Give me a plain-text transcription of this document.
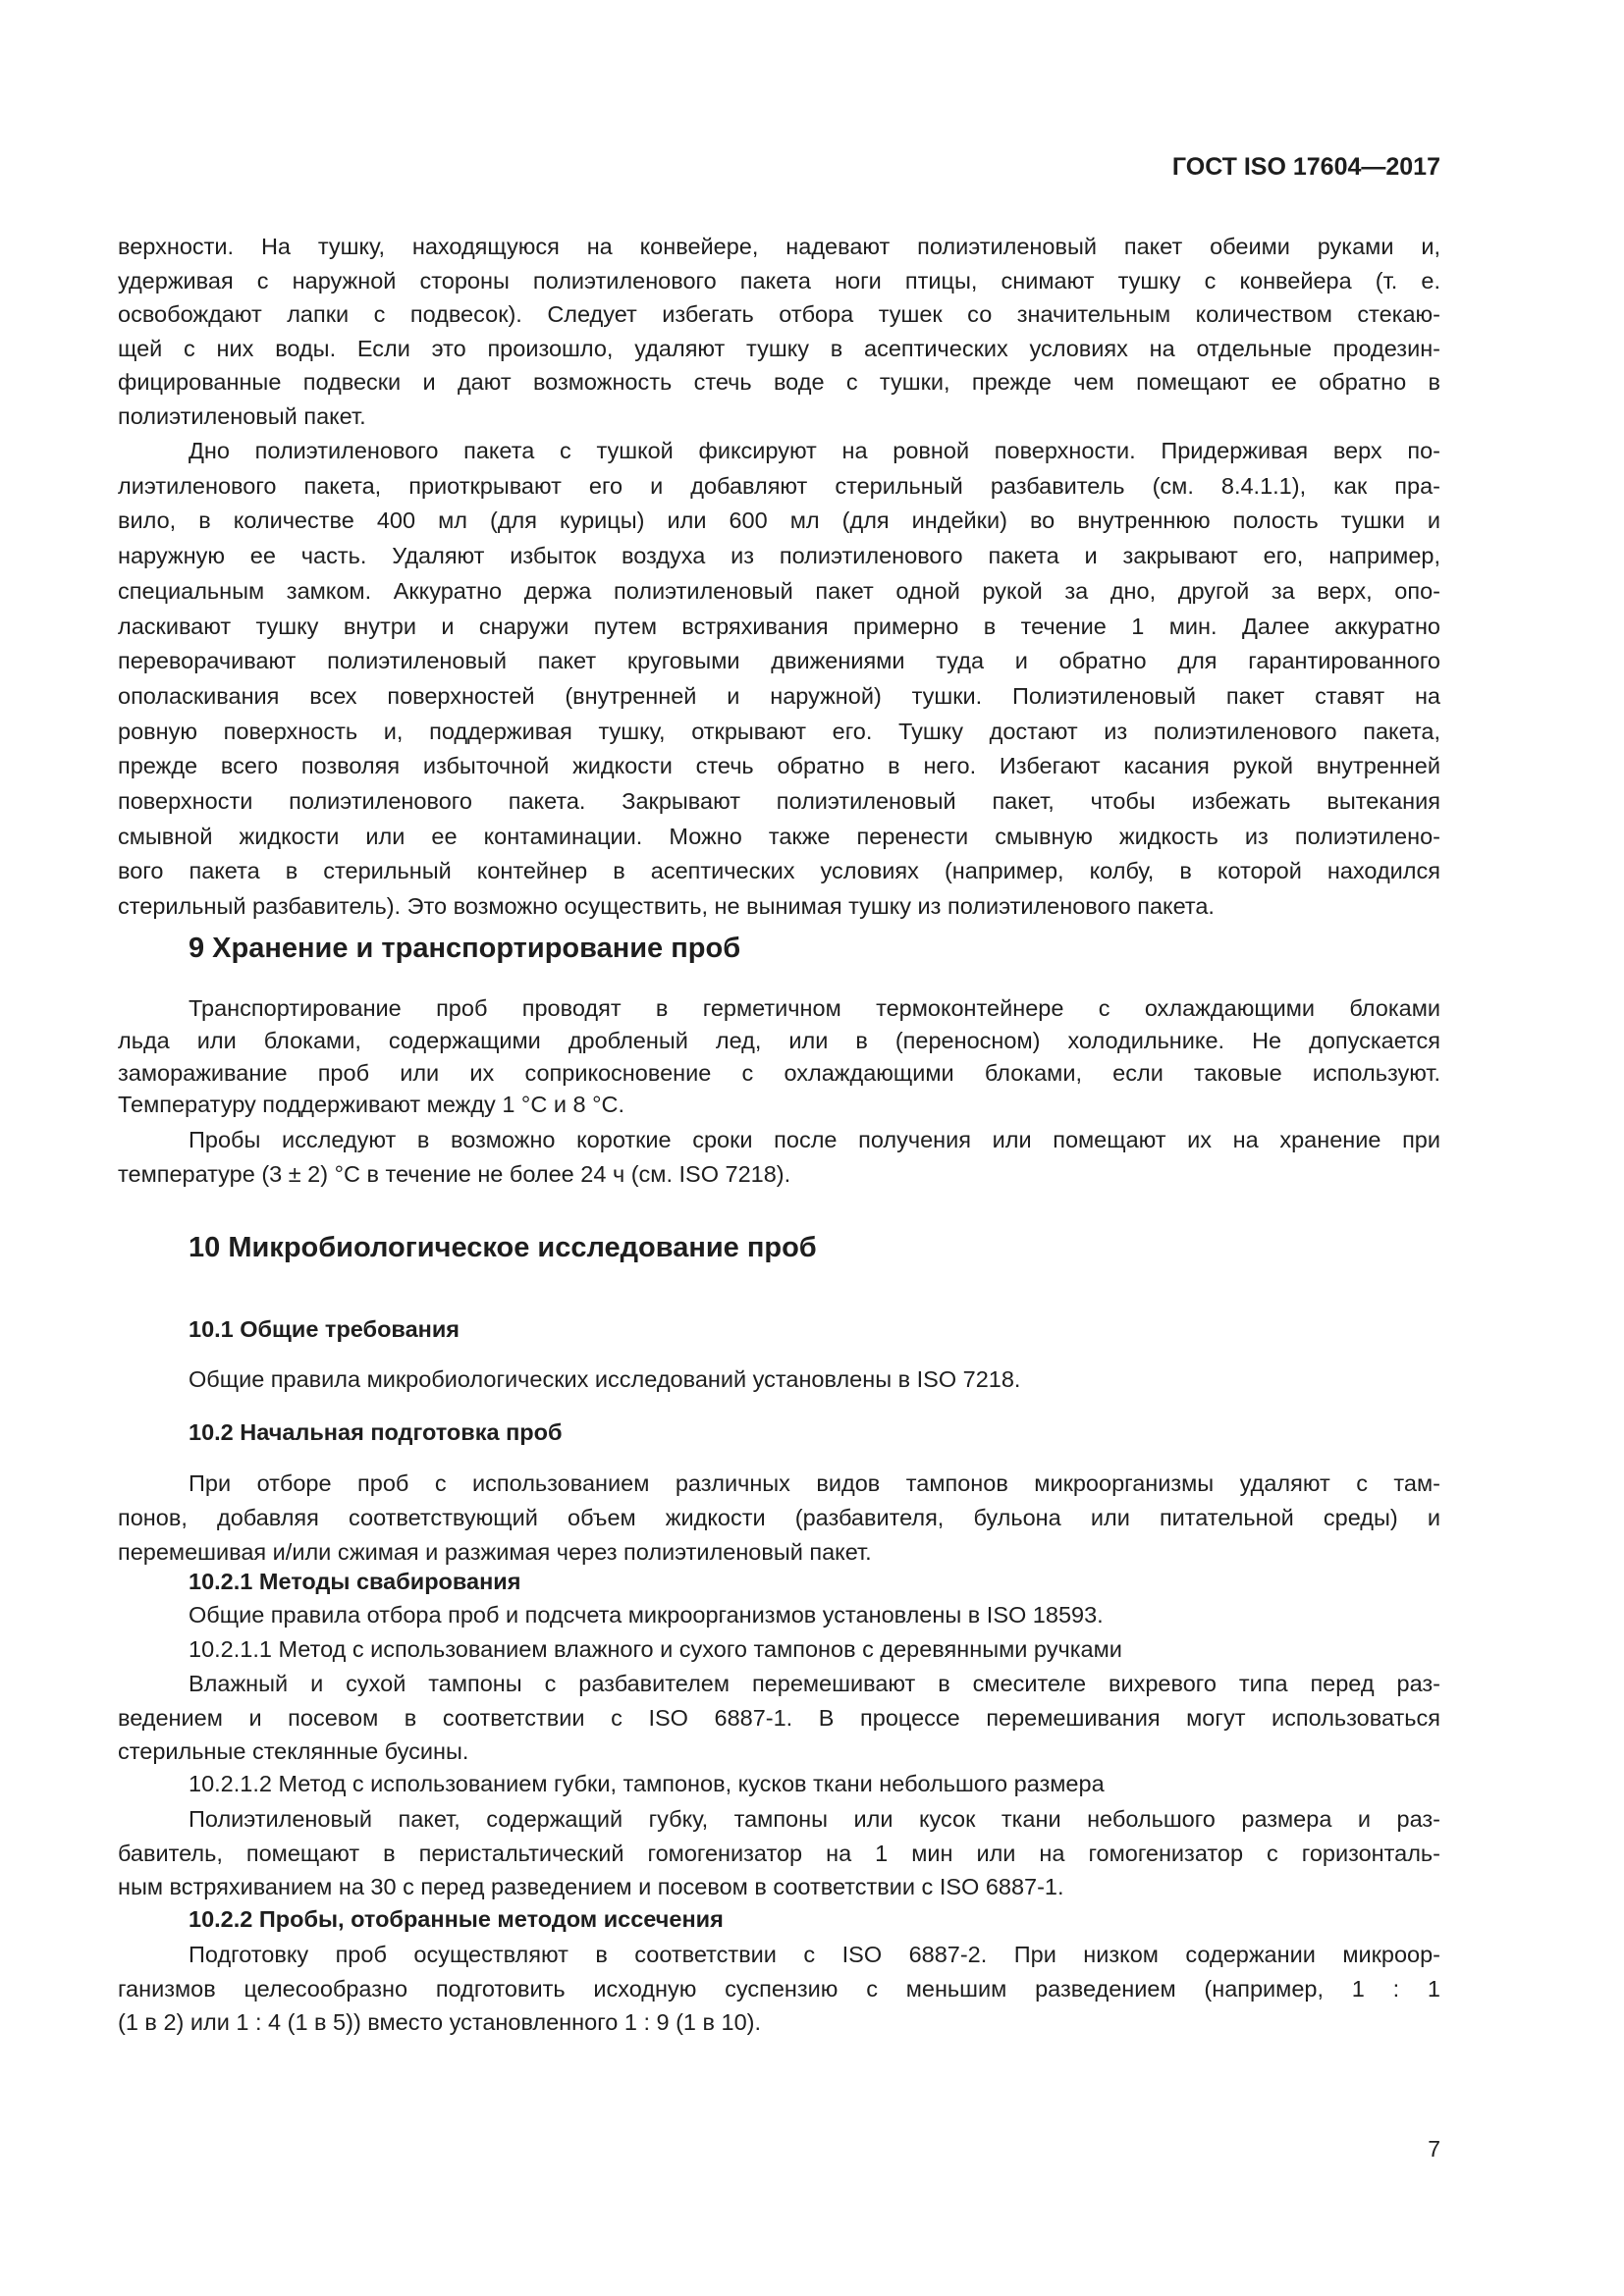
ГОСТ ISO 17604—2017
верхности. На тушку, находящуюся на конвейере, надевают полиэтиленовый пакет обеими руками и,
удерживая с наружной стороны полиэтиленового пакета ноги птицы, снимают тушку с конвейера (т. е.
освобождают лапки с подвесок). Следует избегать отбора тушек со значительным количеством стекаю-
щей с них воды. Если это произошло, удаляют тушку в асептических условиях на отдельные продезин-
фицированные подвески и дают возможность стечь воде с тушки, прежде чем помещают ее обратно в
полиэтиленовый пакет.
Дно полиэтиленового пакета с тушкой фиксируют на ровной поверхности. Придерживая верх по-
лиэтиленового пакета, приоткрывают его и добавляют стерильный разбавитель (см. 8.4.1.1), как пра-
вило, в количестве 400 мл (для курицы) или 600 мл (для индейки) во внутреннюю полость тушки и
наружную ее часть. Удаляют избыток воздуха из полиэтиленового пакета и закрывают его, например,
специальным замком. Аккуратно держа полиэтиленовый пакет одной рукой за дно, другой за верх, опо-
ласкивают тушку внутри и снаружи путем встряхивания примерно в течение 1 мин. Далее аккуратно
переворачивают полиэтиленовый пакет круговыми движениями туда и обратно для гарантированного
ополаскивания всех поверхностей (внутренней и наружной) тушки. Полиэтиленовый пакет ставят на
ровную поверхность и, поддерживая тушку, открывают его. Тушку достают из полиэтиленового пакета,
прежде всего позволяя избыточной жидкости стечь обратно в него. Избегают касания рукой внутренней
поверхности полиэтиленового пакета. Закрывают полиэтиленовый пакет, чтобы избежать вытекания
смывной жидкости или ее контаминации. Можно также перенести смывную жидкость из полиэтилено-
вого пакета в стерильный контейнер в асептических условиях (например, колбу, в которой находился
стерильный разбавитель). Это возможно осуществить, не вынимая тушку из полиэтиленового пакета.
9 Хранение и транспортирование проб
Транспортирование проб проводят в герметичном термоконтейнере с охлаждающими блоками
льда или блоками, содержащими дробленый лед, или в (переносном) холодильнике. Не допускается
замораживание проб или их соприкосновение с охлаждающими блоками, если таковые используют.
Температуру поддерживают между 1 °С и 8 °С.
Пробы исследуют в возможно короткие сроки после получения или помещают их на хранение при
температуре (3 ± 2) °С в течение не более 24 ч (см. ISO 7218).
10 Микробиологическое исследование проб
10.1 Общие требования
Общие правила микробиологических исследований установлены в ISO 7218.
10.2 Начальная подготовка проб
При отборе проб с использованием различных видов тампонов микроорганизмы удаляют с там-
понов, добавляя соответствующий объем жидкости (разбавителя, бульона или питательной среды) и
перемешивая и/или сжимая и разжимая через полиэтиленовый пакет.
10.2.1 Методы свабирования
Общие правила отбора проб и подсчета микроорганизмов установлены в ISO 18593.
10.2.1.1 Метод с использованием влажного и сухого тампонов с деревянными ручками
Влажный и сухой тампоны с разбавителем перемешивают в смесителе вихревого типа перед раз-
ведением и посевом в соответствии с ISO 6887-1. В процессе перемешивания могут использоваться
стерильные стеклянные бусины.
10.2.1.2 Метод с использованием губки, тампонов, кусков ткани небольшого размера
Полиэтиленовый пакет, содержащий губку, тампоны или кусок ткани небольшого размера и раз-
бавитель, помещают в перистальтический гомогенизатор на 1 мин или на гомогенизатор с горизонталь-
ным встряхиванием на 30 с перед разведением и посевом в соответствии с ISO 6887-1.
10.2.2 Пробы, отобранные методом иссечения
Подготовку проб осуществляют в соответствии с ISO 6887-2. При низком содержании микроор-
ганизмов целесообразно подготовить исходную суспензию с меньшим разведением (например, 1 : 1
(1 в 2) или 1 : 4 (1 в 5)) вместо установленного 1 : 9 (1 в 10).
7
